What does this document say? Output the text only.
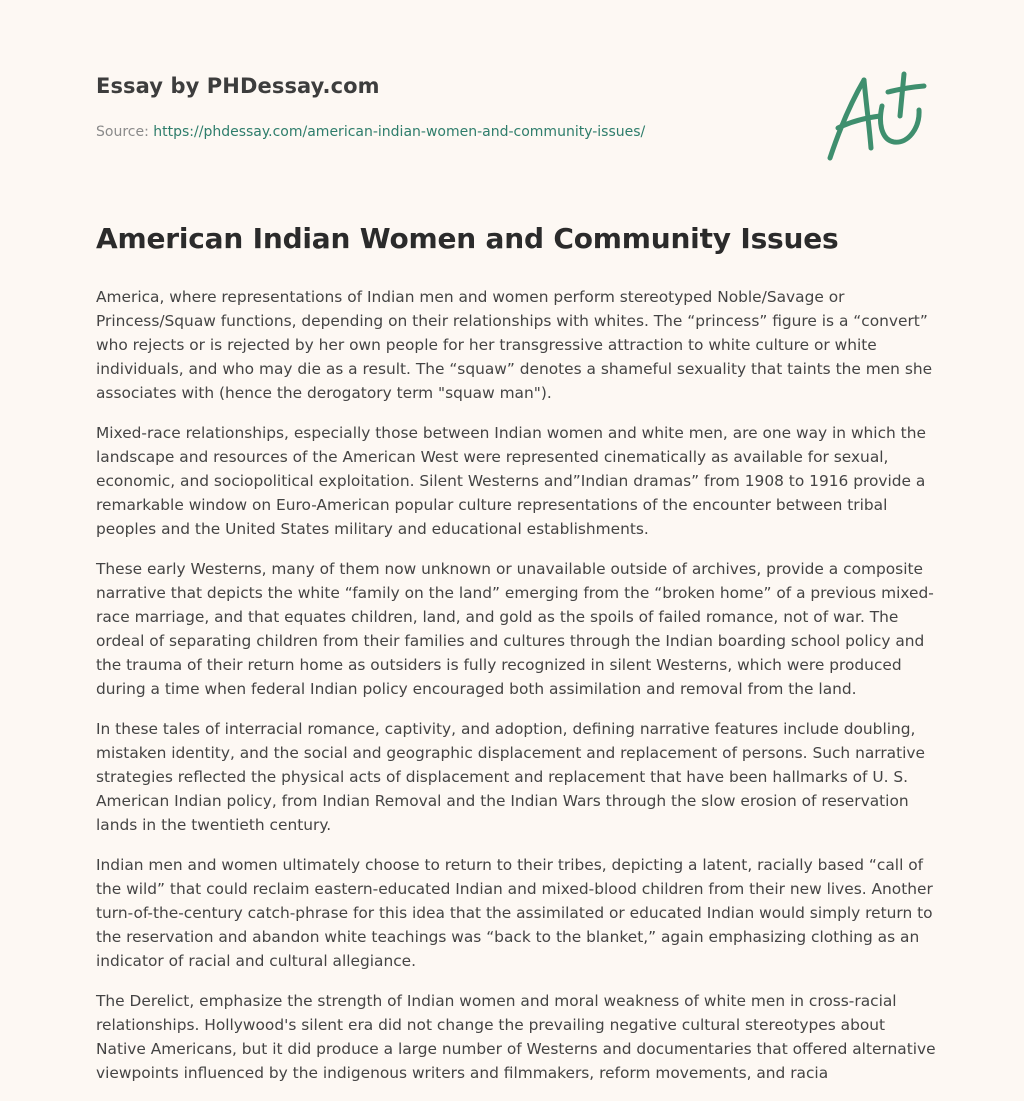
Essay by PHDessay.com
Source: https://phdessay.com/american-indian-women-and-community-issues/
American Indian Women and Community Issues

America, where representations of Indian men and women perform stereotyped Noble/Savage or Princess/Squaw functions, depending on their relationships with whites. The “princess” figure is a “convert” who rejects or is rejected by her own people for her transgressive attraction to white culture or white individuals, and who may die as a result. The “squaw” denotes a shameful sexuality that taints the men she associates with (hence the derogatory term "squaw man").

Mixed-race relationships, especially those between Indian women and white men, are one way in which the landscape and resources of the American West were represented cinematically as available for sexual, economic, and sociopolitical exploitation. Silent Westerns and”Indian dramas” from 1908 to 1916 provide a remarkable window on Euro-American popular culture representations of the encounter between tribal peoples and the United States military and educational establishments.

These early Westerns, many of them now unknown or unavailable outside of archives, provide a composite narrative that depicts the white “family on the land” emerging from the “broken home” of a previous mixed-race marriage, and that equates children, land, and gold as the spoils of failed romance, not of war. The ordeal of separating children from their families and cultures through the Indian boarding school policy and the trauma of their return home as outsiders is fully recognized in silent Westerns, which were produced during a time when federal Indian policy encouraged both assimilation and removal from the land.

In these tales of interracial romance, captivity, and adoption, defining narrative features include doubling, mistaken identity, and the social and geographic displacement and replacement of persons. Such narrative strategies reflected the physical acts of displacement and replacement that have been hallmarks of U. S. American Indian policy, from Indian Removal and the Indian Wars through the slow erosion of reservation lands in the twentieth century.

Indian men and women ultimately choose to return to their tribes, depicting a latent, racially based “call of the wild” that could reclaim eastern-educated Indian and mixed-blood children from their new lives. Another turn-of-the-century catch-phrase for this idea that the assimilated or educated Indian would simply return to the reservation and abandon white teachings was “back to the blanket,” again emphasizing clothing as an indicator of racial and cultural allegiance.

The Derelict, emphasize the strength of Indian women and moral weakness of white men in cross-racial relationships. Hollywood's silent era did not change the prevailing negative cultural stereotypes about Native Americans, but it did produce a large number of Westerns and documentaries that offered alternative viewpoints influenced by the indigenous writers and filmmakers, reform movements, and racia
